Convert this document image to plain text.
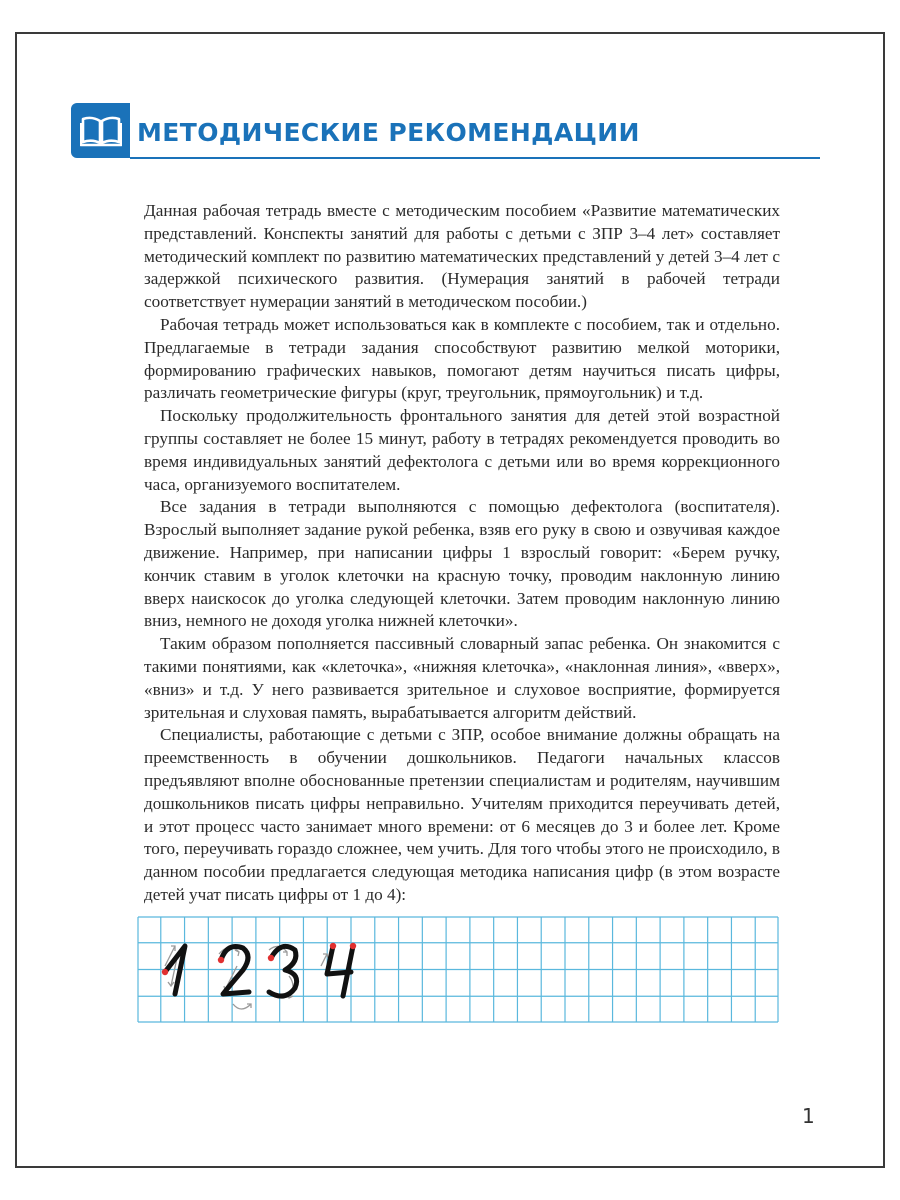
МЕТОДИЧЕСКИЕ РЕКОМЕНДАЦИИ

Данная рабочая тетрадь вместе с методическим пособием «Развитие математических представлений. Конспекты занятий для работы с детьми с ЗПР 3–4 лет» составляет методический комплект по развитию математических представлений у детей 3–4 лет с задержкой психического развития. (Нумерация занятий в рабочей тетради соответствует нумерации занятий в методическом пособии.)

Рабочая тетрадь может использоваться как в комплекте с пособием, так и отдельно. Предлагаемые в тетради задания способствуют развитию мелкой моторики, формированию графических навыков, помогают детям научиться писать цифры, различать геометрические фигуры (круг, треугольник, прямоугольник) и т.д.

Поскольку продолжительность фронтального занятия для детей этой возрастной группы составляет не более 15 минут, работу в тетрадях рекомендуется проводить во время индивидуальных занятий дефектолога с детьми или во время коррекционного часа, организуемого воспитателем.

Все задания в тетради выполняются с помощью дефектолога (воспитателя). Взрослый выполняет задание рукой ребенка, взяв его руку в свою и озвучивая каждое движение. Например, при написании цифры 1 взрослый говорит: «Берем ручку, кончик ставим в уголок клеточки на красную точку, проводим наклонную линию вверх наискосок до уголка следующей клеточки. Затем проводим наклонную линию вниз, немного не доходя уголка нижней клеточки».

Таким образом пополняется пассивный словарный запас ребенка. Он знакомится с такими понятиями, как «клеточка», «нижняя клеточка», «наклонная линия», «вверх», «вниз» и т.д. У него развивается зрительное и слуховое восприятие, формируется зрительная и слуховая память, вырабатывается алгоритм действий.

Специалисты, работающие с детьми с ЗПР, особое внимание должны обращать на преемственность в обучении дошкольников. Педагоги начальных классов предъявляют вполне обоснованные претензии специалистам и родителям, научившим дошкольников писать цифры неправильно. Учителям приходится переучивать детей, и этот процесс часто занимает много времени: от 6 месяцев до 3 и более лет. Кроме того, переучивать гораздо сложнее, чем учить. Для того чтобы этого не происходило, в данном пособии предлагается следующая методика написания цифр (в этом возрасте детей учат писать цифры от 1 до 4):

1
